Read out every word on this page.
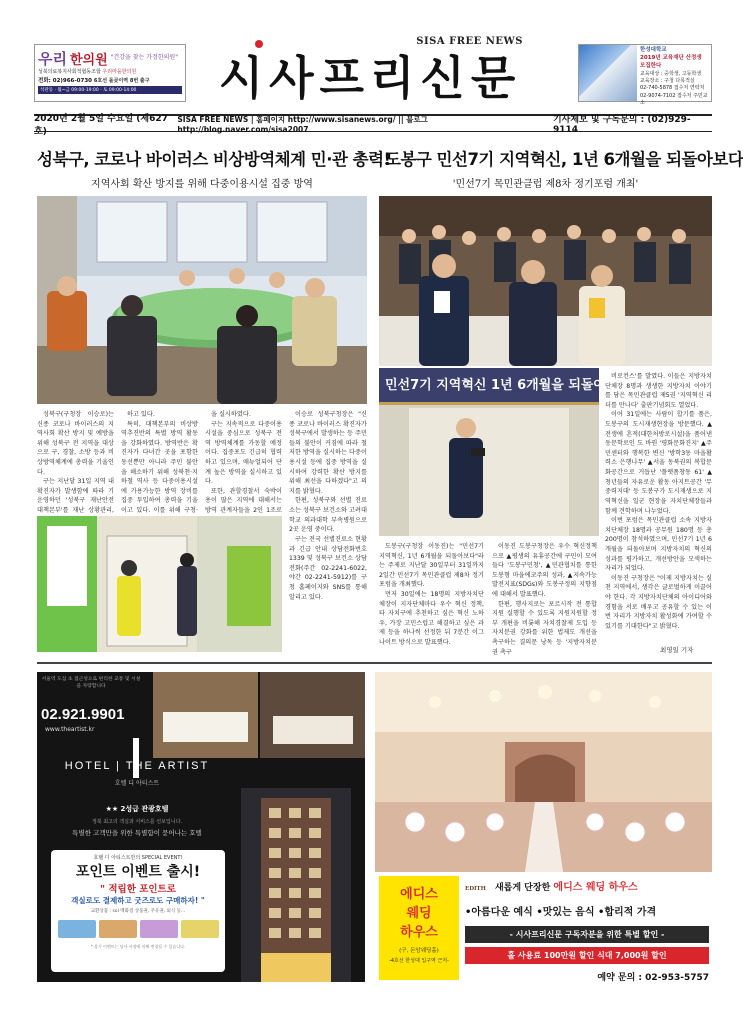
우리 한의원 "건강을 찾는 가정한의원"
성북의료복지사회적협동조합 우리마을한의원
전화: 02)966-0730 6호선 돌곶이역 8번 출구
석관동 · 월~금 09:00-19:00 · 토 09:00-14:00
SISA FREE NEWS
시사프리신문
한성대학교
2019년 교육재단 산정생 모집한다
교육대상 : 중학생, 고등학생
교육장소 : 구청 다목적실
02-740-5878 접수처 연락처
02-9074-7102 접수처 주민교소
2020년 2월 5일 수요일 (제627호)
SISA FREE NEWS | 홈페이지 http://www.sisanews.org/ || 블로그 http://blog.naver.com/sisa2007
기사제보 및 구독문의 : (02)929-9114
성북구, 코로나 바이러스 비상방역체계 민·관 총력!
지역사회 확산 방지를 위해 다중이용시설 집중 방역

성북구(구청장 이승로)는 신종 코로나 바이러스의 지역사회 확산 방지 및 예방을 위해 성북구 전 지역을 대상으로 구, 경찰, 소방 등과 비상방역체계에 총력을 기울인다.

구는 지난달 31일 지역 내 확진자가 발생함에 따라 기 운영하던 '성북구 재난안전대책본부'를 재난 상황관리,

하고 있다.

특히, 대책본부의 비상방역추진반의 특별 방역 활동을 강화하였다. 방역반은 확진자가 다녀간 곳을 포함한 동선뿐만 아니라 주민 불안을 해소하기 위해 성북천·지하철 역사 등 다중이용시설에 가용가능한 방역 장비를 집중 투입하여 총력을 기울이고 있다. 이를 위해 구청·

을 실시하였다.

구는 지속적으로 다중이용시설을 중심으로 성북구 전역 방역체계를 가동할 예정이다. 집중포도 긴급히 협력하고 있으며, 매뉴얼되어 단계 높은 방역을 실시하고 있다.

또한, 관할경찰서 숙박이용이 많은 지역에 대해서는 방역 관계자들을 2인 1조로

이승로 성북구청장은 "신종 코로나 바이러스 확진자가 성북구에서 발생하는 등 주민들의 불안이 커짐에 따라 철저한 방역을 실시하는 다중이용시설 등에 집중 방역을 실시하여 강력한 확산 방지를 위해 최선을 다하겠다"고 의지를 밝혔다.

한편, 성북구와 선별 진료소는 성북구 보건소와 고려대학교 의과대학 부속병원으로 2곳 운영 중이다.

구는 전국 선별진료소 현황과 긴급 안내 상담전화번호 1339 및 성북구 보건소 상담전화(주간 02-2241-6022, 야간 02-2241-5912)를 구청 홈페이지와 SNS를 통해 알리고 있다.

도봉구 민선7기 지역혁신, 1년 6개월을 되돌아보다
'민선7기 목민관클럽 제8차 정기포럼 개최'
민선7기 지역혁신 1년 6개월을 되돌아보다

비로컨스'를 발였다. 이들은 지방자치단체장 8명과 생생한 지방자치 이야기를 담은 목민관클럽 제5권 '지역혁신 리더를 만나다' 출판기념회도 열었다.

이어 31일에는 사람이 합기를 품은, 도봉구의 도시재생현장을 방문했다. ▲전생에 흔적(대한처방로시설)을 품어낸 동문학로인 도 바꿘 '평화문화진지' ▲주민센터와 행복한 변신 '방학3동 마을활력소 은행나무' ▲서울 동북권의 복합문화공간으로 거듭난 '플랫폼창동 61' ▲청년들의 자유로운 활동 아지트공간 '무중력지대' 등 도봉구가 도시재생으로 지역혁신을 일군 현장을 자치단체장들과 함께 견학하며 나누었다.

이번 포럼은 목민관클럽 소속 지방자치단체장 18명과 공무원 180명 등 총 200명이 참석하였으며, 민선7기 1년 6개월을 되돌아보며 지방자치의 혁신의 성과를 평가하고, 개선방안을 모색하는 자리가 되었다.

이동진 구청장은 "이제 지방자치는 실천 지역에서, 생각은 글로벌하게 이끌어야 한다. 각 지방자치단체의 아이디어와 경험을 서로 배우고 공유할 수 있는 이번 자리가 지방자치 활성화에 가여할 수 있기를 기대한다"고 밝혔다.

도봉구(구청장 이동진)는 "민선7기 지역혁신, 1년 6개월을 되돌아보다"라는 주제로 지난달 30일부터 31일까지 2일간 민선7기 목민관클럽 제8차 정기포럼을 개최했다.

먼저 30일에는 18명의 지방자치단체장이 지자단체마다 우수 혁신 정책, 타 자치구에 추천하고 싶은 혁신 노하우, 가장 고민스럽고 해결하고 싶은 과제 등을 하나씩 선정한 뒤 7분간 이그나이트 방식으로 발표했다.

이동진 도봉구청장은 우수 혁신정책으로 ▲평생의 유휴공간에 구민이 모여들다 '도봉구민청', ▲민관협치를 통한 도봉형 마을에코주의 성과, ▲지속가능발전지표(SDGs)와 도봉구정의 지향점에 대해서 발표했다.

한편, 행사지로는 포르시작 전 통합 지원 실행할 수 있도록 지원지원할 정부 개편을 비롯해 자치경찰제 도입 등 자치분권 강화를 위한 법제도 개선을 촉구하는 결의문 낭독 등 '지방자치분권 촉구	최영일 기자
서울역 도심 초 접근성으로 편리한 교통 및 시설을 자랑합니다
02.921.9901
www.theartist.kr
HOTEL | THE ARTIST
호텔 디 아티스트
★★ 2성급 관광호텔
정북 최고의 객실과 서비스를 선보입니다.
특별한 고객만을 위한 특별함이 묻어나는 호텔
호텔 디 아티스트만의 SPECIAL EVENT!
포인트 이벤트 출시!
" 적립한 포인트로
객실로도 결제하고 굿즈로도 구매하자! "
교환상품 : sol 백화점 상품권, 주유권, 외식 등...
* 상기 이벤트는 당사 사정에 의해 변경될 수 있습니다.
에디스
웨딩
하우스
(구, 돈암웨딩홀)
-4호선 한성대 입구역 근처-
EDITH 새롭게 단장한 에디스 웨딩 하우스
•아름다운 예식 •맛있는 음식 •합리적 가격
- 시사프리신문 구독자분을 위한 특별 할인 -
홀 사용료 100만원 할인 식대 7,000원 할인
예약 문의 : 02-953-5757
